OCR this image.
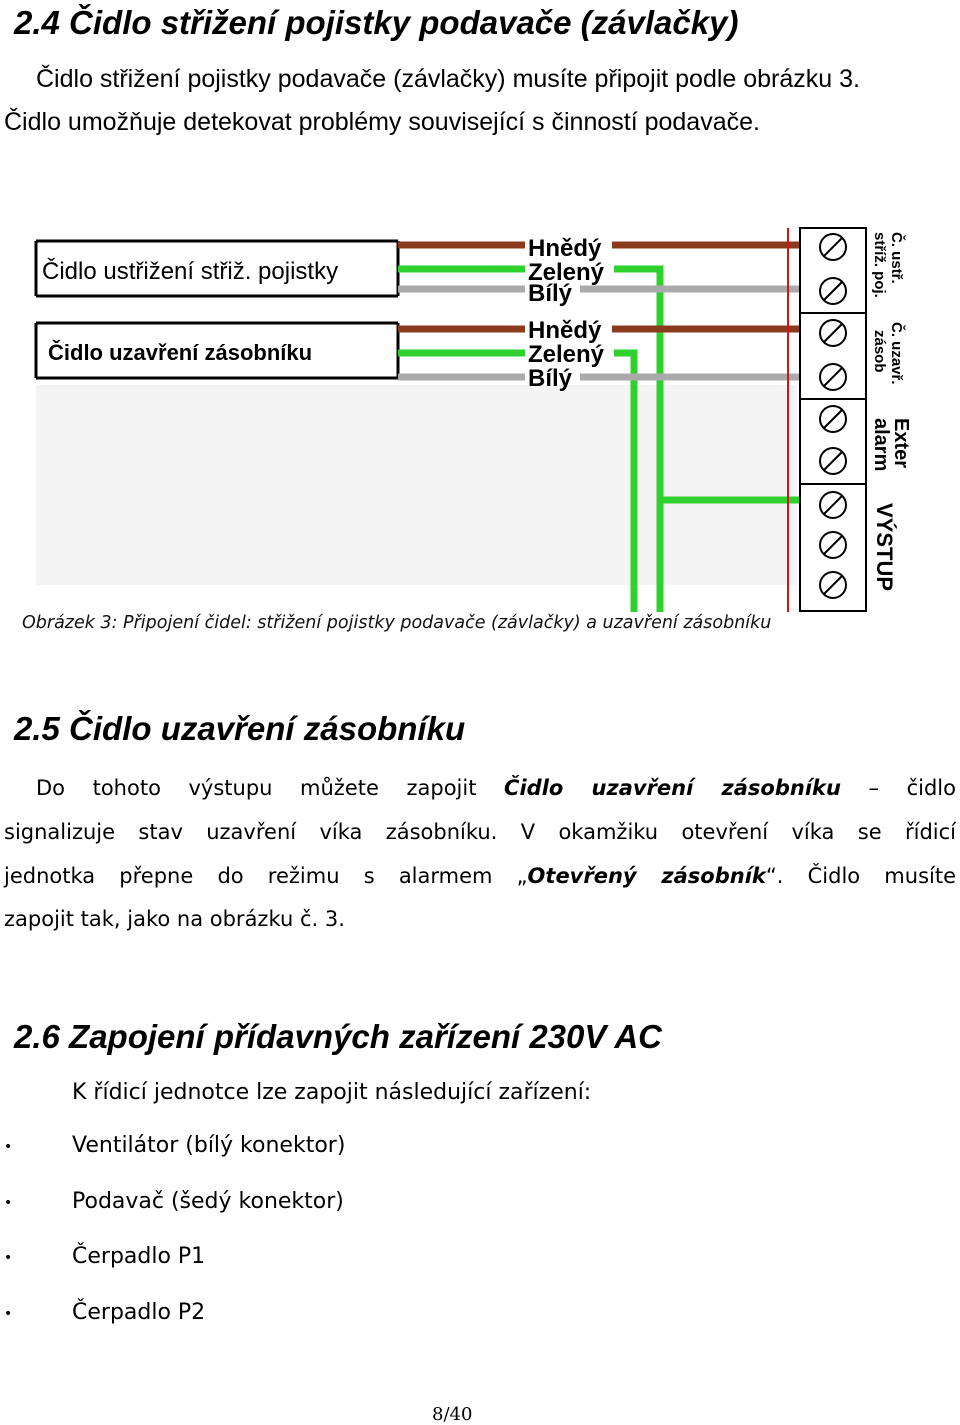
2.4 Čidlo střižení pojistky podavače (závlačky)
Čidlo střižení pojistky podavače (závlačky) musíte připojit podle obrázku 3.
Čidlo umožňuje detekovat problémy související s činností podavače.
Čidlo ustřižení střiž. pojistky
Čidlo uzavření zásobníku
Hnědý
Zelený
Bílý
Hnědý
Zelený
Bílý
Č. ustř.
stříž. poj.
Č. uzavř.
zásob
Exter
alarm
VÝSTUP
Obrázek 3: Připojení čidel: střižení pojistky podavače (závlačky) a uzavření zásobníku
2.5 Čidlo uzavření zásobníku
Do tohoto výstupu můžete zapojit Čidlo uzavření zásobníku – čidlo
signalizuje stav uzavření víka zásobníku. V okamžiku otevření víka se řídicí
jednotka přepne do režimu s alarmem „Otevřený zásobník“. Čidlo musíte
zapojit tak, jako na obrázku č. 3.
2.6 Zapojení přídavných zařízení 230V AC
K řídicí jednotce lze zapojit následující zařízení:
•	Ventilátor (bílý konektor)
•	Podavač (šedý konektor)
•	Čerpadlo P1
•	Čerpadlo P2
8/40
